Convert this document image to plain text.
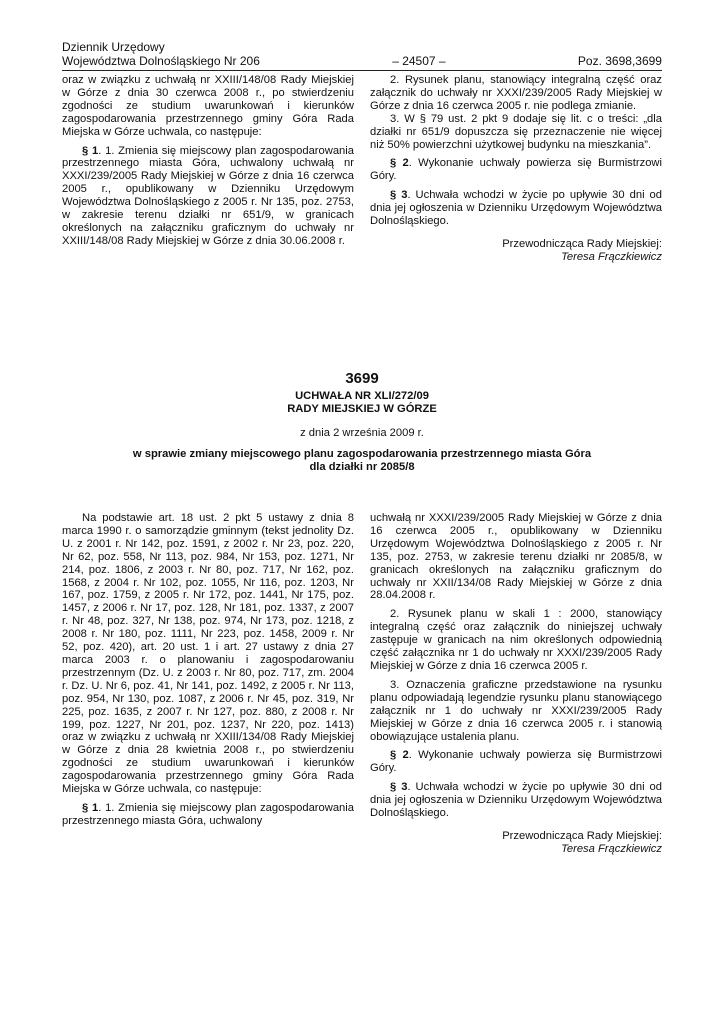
Dziennik Urzędowy
Województwa Dolnośląskiego Nr 206	– 24507 –	Poz. 3698,3699

oraz w związku z uchwałą nr XXIII/148/08 Rady Miejskiej w Górze z dnia 30 czerwca 2008 r., po stwierdzeniu zgodności ze studium uwarunkowań i kierunków zagospodarowania przestrzennego gminy Góra Rada Miejska w Górze uchwala, co następuje:

§ 1. 1. Zmienia się miejscowy plan zagospodarowania przestrzennego miasta Góra, uchwalony uchwałą nr XXXI/239/2005 Rady Miejskiej w Górze z dnia 16 czerwca 2005 r., opublikowany w Dzienniku Urzędowym Województwa Dolnośląskiego z 2005 r. Nr 135, poz. 2753, w zakresie terenu działki nr 651/9, w granicach określonych na załączniku graficznym do uchwały nr XXIII/148/08 Rady Miejskiej w Górze z dnia 30.06.2008 r.

2. Rysunek planu, stanowiący integralną część oraz załącznik do uchwały nr XXXI/239/2005 Rady Miejskiej w Górze z dnia 16 czerwca 2005 r. nie podlega zmianie.

3. W § 79 ust. 2 pkt 9 dodaje się lit. c o treści: „dla działki nr 651/9 dopuszcza się przeznaczenie nie więcej niż 50% powierzchni użytkowej budynku na mieszkania”.

§ 2. Wykonanie uchwały powierza się Burmistrzowi Góry.

§ 3. Uchwała wchodzi w życie po upływie 30 dni od dnia jej ogłoszenia w Dzienniku Urzędowym Województwa Dolnośląskiego.

Przewodnicząca Rady Miejskiej:
Teresa Frączkiewicz
3699
UCHWAŁA NR XLI/272/09
RADY MIEJSKIEJ W GÓRZE
z dnia 2 września 2009 r.
w sprawie zmiany miejscowego planu zagospodarowania przestrzennego miasta Góra
dla działki nr 2085/8

Na podstawie art. 18 ust. 2 pkt 5 ustawy z dnia 8 marca 1990 r. o samorządzie gminnym (tekst jednolity Dz. U. z 2001 r. Nr 142, poz. 1591, z 2002 r. Nr 23, poz. 220, Nr 62, poz. 558, Nr 113, poz. 984, Nr 153, poz. 1271, Nr 214, poz. 1806, z 2003 r. Nr 80, poz. 717, Nr 162, poz. 1568, z 2004 r. Nr 102, poz. 1055, Nr 116, poz. 1203, Nr 167, poz. 1759, z 2005 r. Nr 172, poz. 1441, Nr 175, poz. 1457, z 2006 r. Nr 17, poz. 128, Nr 181, poz. 1337, z 2007 r. Nr 48, poz. 327, Nr 138, poz. 974, Nr 173, poz. 1218, z 2008 r. Nr 180, poz. 1111, Nr 223, poz. 1458, 2009 r. Nr 52, poz. 420), art. 20 ust. 1 i art. 27 ustawy z dnia 27 marca 2003 r. o planowaniu i zagospodarowaniu przestrzennym (Dz. U. z 2003 r. Nr 80, poz. 717, zm. 2004 r. Dz. U. Nr 6, poz. 41, Nr 141, poz. 1492, z 2005 r. Nr 113, poz. 954, Nr 130, poz. 1087, z 2006 r. Nr 45, poz. 319, Nr 225, poz. 1635, z 2007 r. Nr 127, poz. 880, z 2008 r. Nr 199, poz. 1227, Nr 201, poz. 1237, Nr 220, poz. 1413) oraz w związku z uchwałą nr XXIII/134/08 Rady Miejskiej w Górze z dnia 28 kwietnia 2008 r., po stwierdzeniu zgodności ze studium uwarunkowań i kierunków zagospodarowania przestrzennego gminy Góra Rada Miejska w Górze uchwala, co następuje:

§ 1. 1. Zmienia się miejscowy plan zagospodarowania przestrzennego miasta Góra, uchwalony

uchwałą nr XXXI/239/2005 Rady Miejskiej w Górze z dnia 16 czerwca 2005 r., opublikowany w Dzienniku Urzędowym Województwa Dolnośląskiego z 2005 r. Nr 135, poz. 2753, w zakresie terenu działki nr 2085/8, w granicach określonych na załączniku graficznym do uchwały nr XXII/134/08 Rady Miejskiej w Górze z dnia 28.04.2008 r.

2. Rysunek planu w skali 1 : 2000, stanowiący integralną część oraz załącznik do niniejszej uchwały zastępuje w granicach na nim określonych odpowiednią część załącznika nr 1 do uchwały nr XXXI/239/2005 Rady Miejskiej w Górze z dnia 16 czerwca 2005 r.

3. Oznaczenia graficzne przedstawione na rysunku planu odpowiadają legendzie rysunku planu stanowiącego załącznik nr 1 do uchwały nr XXXI/239/2005 Rady Miejskiej w Górze z dnia 16 czerwca 2005 r. i stanowią obowiązujące ustalenia planu.

§ 2. Wykonanie uchwały powierza się Burmistrzowi Góry.

§ 3. Uchwała wchodzi w życie po upływie 30 dni od dnia jej ogłoszenia w Dzienniku Urzędowym Województwa Dolnośląskiego.

Przewodnicząca Rady Miejskiej:
Teresa Frączkiewicz
